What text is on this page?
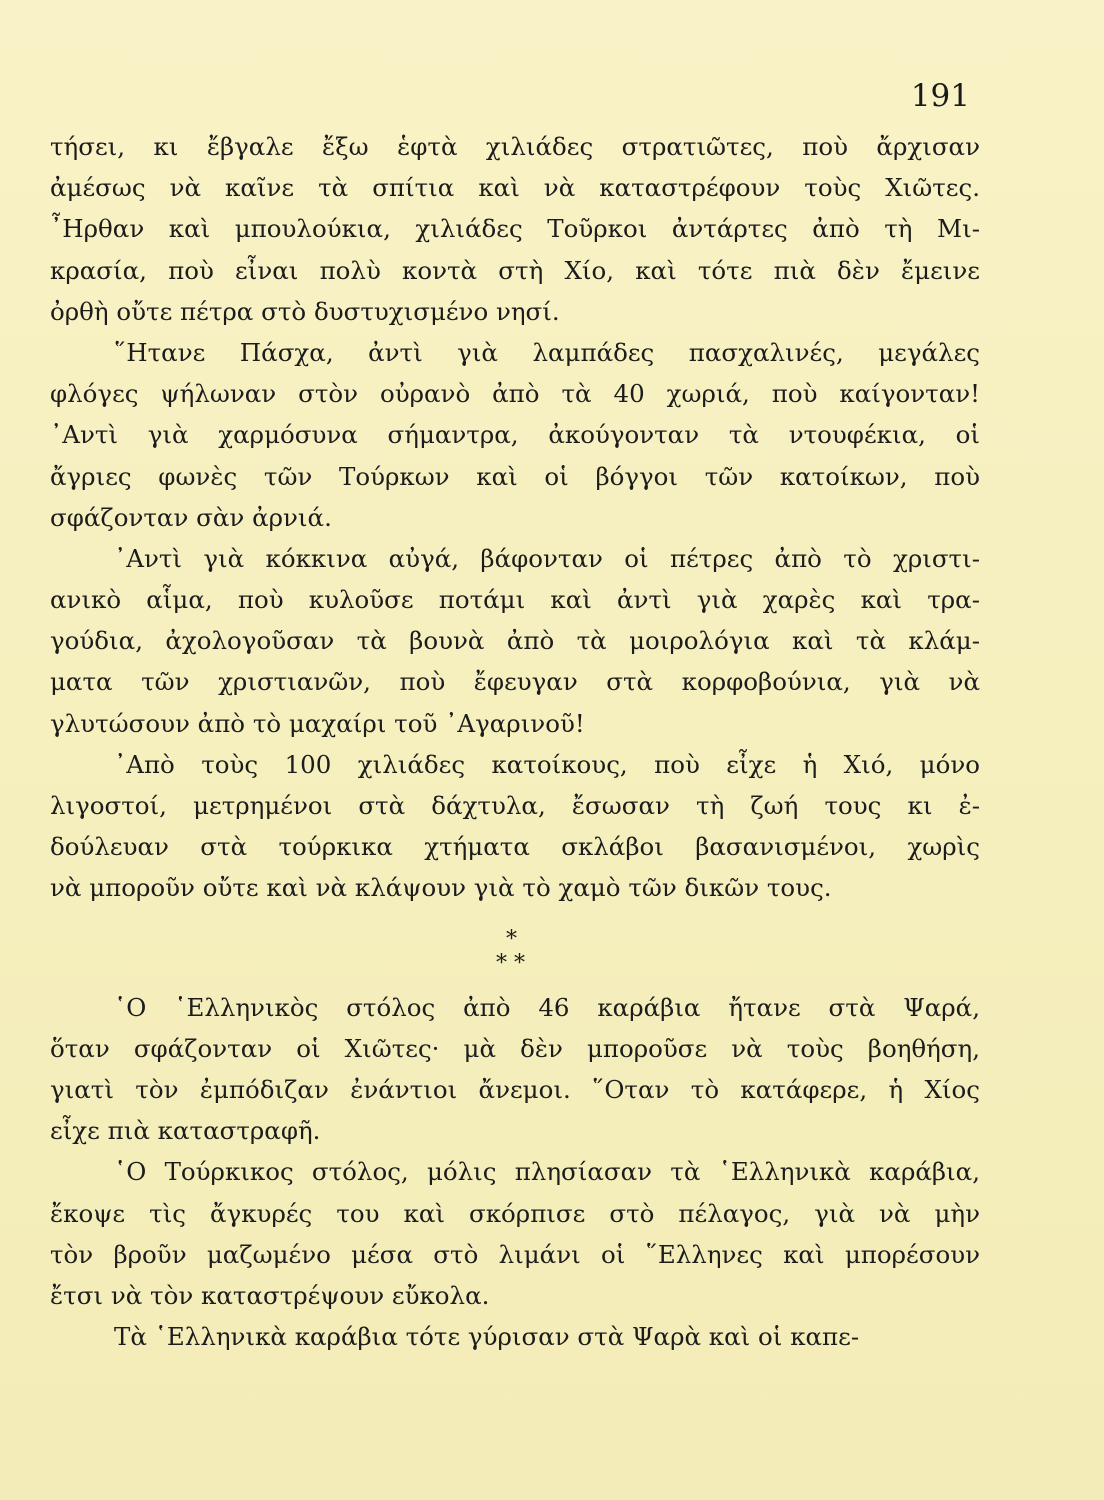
191
τήσει, κι ἔβγαλε ἔξω ἑφτὰ χιλιάδες στρατιῶτες, ποὺ ἄρχισαν
ἀμέσως νὰ καῖνε τὰ σπίτια καὶ νὰ καταστρέφουν τοὺς Χιῶτες.
῏Ηρθαν καὶ μπουλούκια, χιλιάδες Τοῦρκοι ἀντάρτες ἀπὸ τὴ Μι-
κρασία, ποὺ εἶναι πολὺ κοντὰ στὴ Χίο, καὶ τότε πιὰ δὲν ἔμεινε
ὀρθὴ οὔτε πέτρα στὸ δυστυχισμένο νησί.
῞Ητανε Πάσχα, ἀντὶ γιὰ λαμπάδες πασχαλινές, μεγάλες
φλόγες ψήλωναν στὸν οὐρανὸ ἀπὸ τὰ 40 χωριά, ποὺ καίγονταν!
᾿Αντὶ γιὰ χαρμόσυνα σήμαντρα, ἀκούγονταν τὰ ντουφέκια, οἱ
ἄγριες φωνὲς τῶν Τούρκων καὶ οἱ βόγγοι τῶν κατοίκων, ποὺ
σφάζονταν σὰν ἀρνιά.
᾿Αντὶ γιὰ κόκκινα αὐγά, βάφονταν οἱ πέτρες ἀπὸ τὸ χριστι-
ανικὸ αἷμα, ποὺ κυλοῦσε ποτάμι καὶ ἀντὶ γιὰ χαρὲς καὶ τρα-
γούδια, ἀχολογοῦσαν τὰ βουνὰ ἀπὸ τὰ μοιρολόγια καὶ τὰ κλάμ-
ματα τῶν χριστιανῶν, ποὺ ἔφευγαν στὰ κορφοβούνια, γιὰ νὰ
γλυτώσουν ἀπὸ τὸ μαχαίρι τοῦ ᾿Αγαρινοῦ!
᾿Απὸ τοὺς 100 χιλιάδες κατοίκους, ποὺ εἶχε ἡ Χιό, μόνο
λιγοστοί, μετρημένοι στὰ δάχτυλα, ἔσωσαν τὴ ζωή τους κι ἐ-
δούλευαν στὰ τούρκικα χτήματα σκλάβοι βασανισμένοι, χωρὶς
νὰ μποροῦν οὔτε καὶ νὰ κλάψουν γιὰ τὸ χαμὸ τῶν δικῶν τους.
*
* *
῾Ο ῾Ελληνικὸς στόλος ἀπὸ 46 καράβια ἤτανε στὰ Ψαρά,
ὅταν σφάζονταν οἱ Χιῶτες· μὰ δὲν μποροῦσε νὰ τοὺς βοηθήση,
γιατὶ τὸν ἐμπόδιζαν ἐνάντιοι ἄνεμοι. ῞Οταν τὸ κατάφερε, ἡ Χίος
εἶχε πιὰ καταστραφῆ.
῾Ο Τούρκικος στόλος, μόλις πλησίασαν τὰ ῾Ελληνικὰ καράβια,
ἔκοψε τὶς ἄγκυρές του καὶ σκόρπισε στὸ πέλαγος, γιὰ νὰ μὴν
τὸν βροῦν μαζωμένο μέσα στὸ λιμάνι οἱ ῞Ελληνες καὶ μπορέσουν
ἔτσι νὰ τὸν καταστρέψουν εὔκολα.
Τὰ ῾Ελληνικὰ καράβια τότε γύρισαν στὰ Ψαρὰ καὶ οἱ καπε-
